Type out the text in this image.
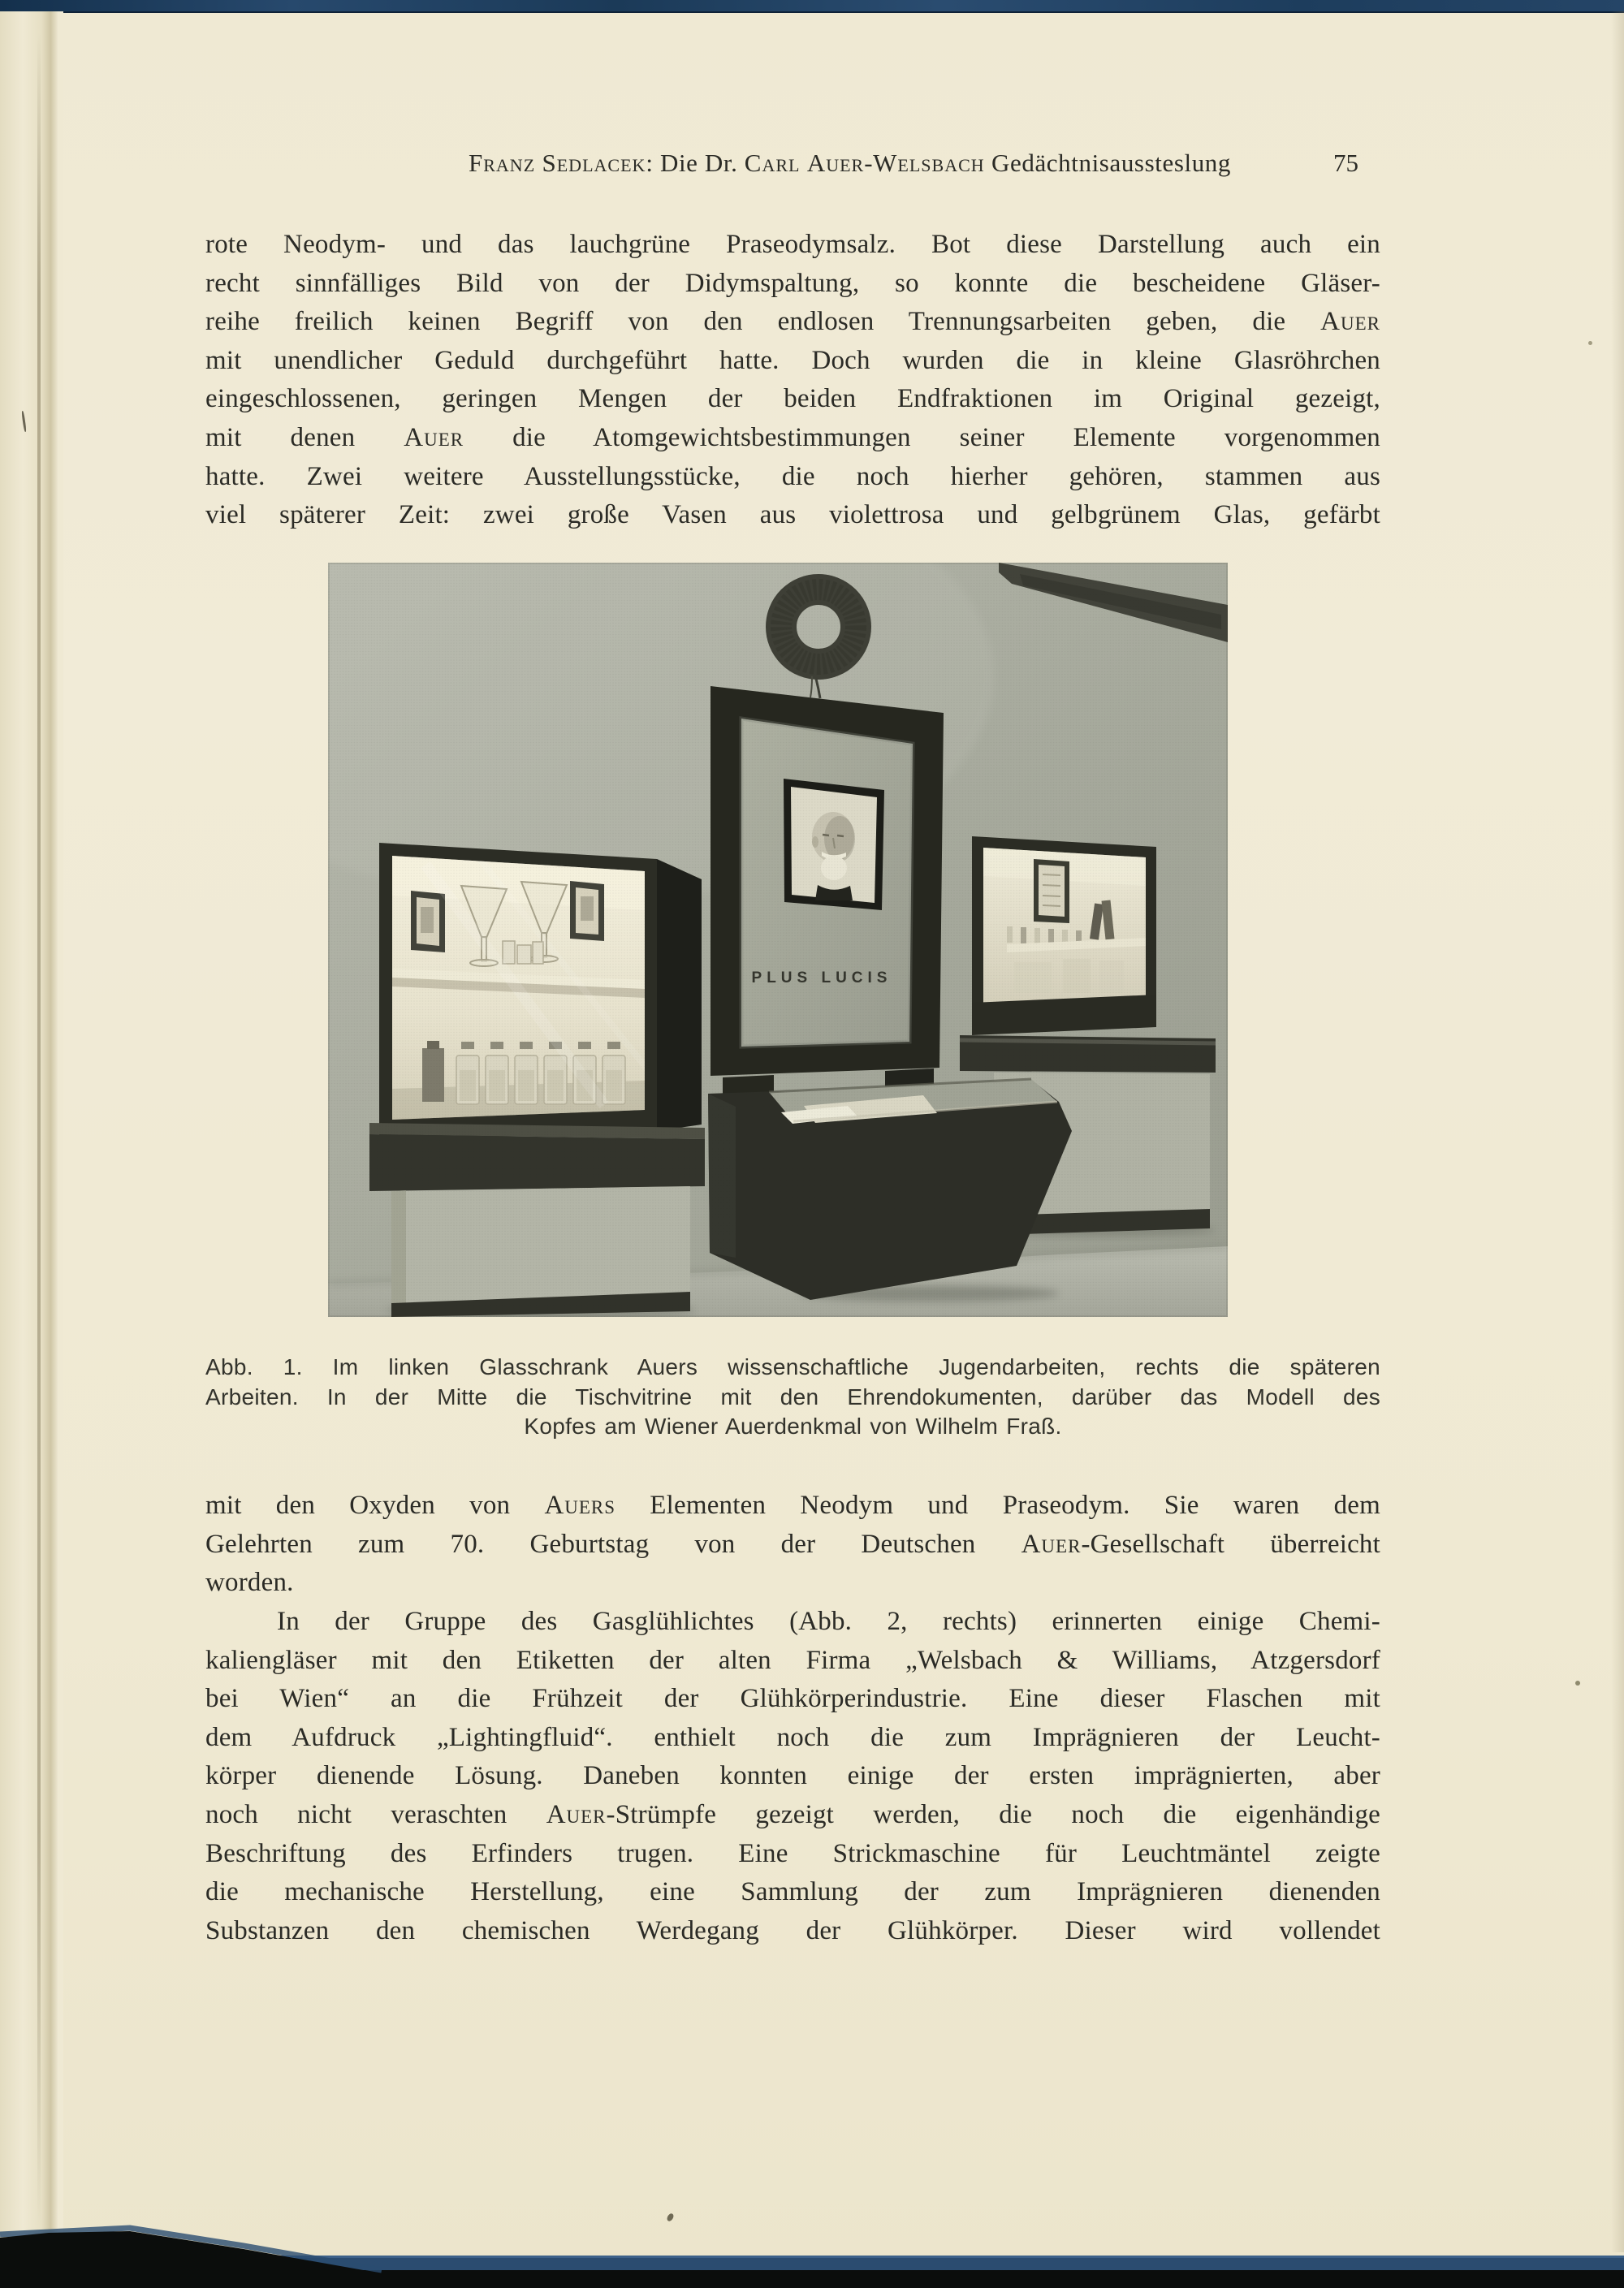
Franz Sedlacek: Die Dr. Carl Auer-Welsbach Gedächtnisaussteslung	75
rote Neodym- und das lauchgrüne Praseodymsalz. Bot diese Darstellung auch ein
recht sinnfälliges Bild von der Didymspaltung, so konnte die bescheidene Gläser-
reihe freilich keinen Begriff von den endlosen Trennungsarbeiten geben, die Auer
mit unendlicher Geduld durchgeführt hatte. Doch wurden die in kleine Glasröhrchen
eingeschlossenen, geringen Mengen der beiden Endfraktionen im Original gezeigt,
mit denen Auer die Atomgewichtsbestimmungen seiner Elemente vorgenommen
hatte. Zwei weitere Ausstellungsstücke, die noch hierher gehören, stammen aus
viel späterer Zeit: zwei große Vasen aus violettrosa und gelbgrünem Glas, gefärbt
Abb. 1. Im linken Glasschrank Auers wissenschaftliche Jugendarbeiten, rechts die späteren
Arbeiten. In der Mitte die Tischvitrine mit den Ehrendokumenten, darüber das Modell des
Kopfes am Wiener Auerdenkmal von Wilhelm Fraß.
mit den Oxyden von Auers Elementen Neodym und Praseodym. Sie waren dem
Gelehrten zum 70. Geburtstag von der Deutschen Auer-Gesellschaft überreicht
worden.
In der Gruppe des Gasglühlichtes (Abb. 2, rechts) erinnerten einige Chemi-
kaliengläser mit den Etiketten der alten Firma „Welsbach & Williams, Atzgersdorf
bei Wien“ an die Frühzeit der Glühkörperindustrie. Eine dieser Flaschen mit
dem Aufdruck „Lightingfluid“. enthielt noch die zum Imprägnieren der Leucht-
körper dienende Lösung. Daneben konnten einige der ersten imprägnierten, aber
noch nicht veraschten Auer-Strümpfe gezeigt werden, die noch die eigenhändige
Beschriftung des Erfinders trugen. Eine Strickmaschine für Leuchtmäntel zeigte
die mechanische Herstellung, eine Sammlung der zum Imprägnieren dienenden
Substanzen den chemischen Werdegang der Glühkörper. Dieser wird vollendet
